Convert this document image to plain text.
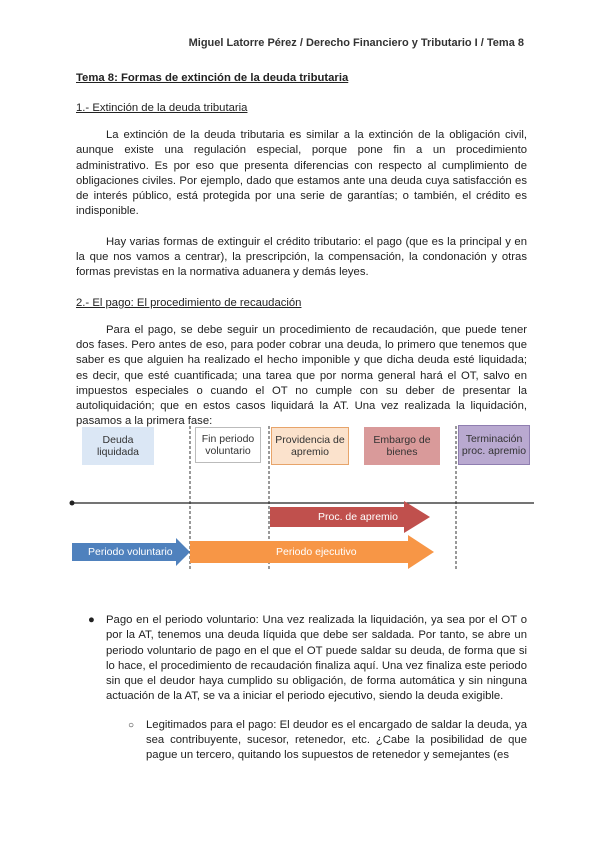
Miguel Latorre Pérez / Derecho Financiero y Tributario I / Tema 8

Tema 8: Formas de extinción de la deuda tributaria

1.- Extinción de la deuda tributaria

La extinción de la deuda tributaria es similar a la extinción de la obligación civil, aunque existe una regulación especial, porque pone fin a un procedimiento administrativo. Es por eso que presenta diferencias con respecto al cumplimiento de obligaciones civiles. Por ejemplo, dado que estamos ante una deuda cuya satisfacción es de interés público, está protegida por una serie de garantías; o también, el crédito es indisponible.

Hay varias formas de extinguir el crédito tributario: el pago (que es la principal y en la que nos vamos a centrar), la prescripción, la compensación, la condonación y otras formas previstas en la normativa aduanera y demás leyes.

2.- El pago: El procedimiento de recaudación

Para el pago, se debe seguir un procedimiento de recaudación, que puede tener dos fases. Pero antes de eso, para poder cobrar una deuda, lo primero que tenemos que saber es que alguien ha realizado el hecho imponible y que dicha deuda esté liquidada; es decir, que esté cuantificada; una tarea que por norma general hará el OT, salvo en impuestos especiales o cuando el OT no cumple con su deber de presentar la autoliquidación; que en estos casos liquidará la AT. Una vez realizada la liquidación, pasamos a la primera fase:

Deuda liquidada
Fin periodo voluntario
Providencia de apremio
Embargo de bienes
Terminación proc. apremio
Proc. de apremio
Periodo voluntario	Periodo ejecutivo

● Pago en el periodo voluntario: Una vez realizada la liquidación, ya sea por el OT o por la AT, tenemos una deuda líquida que debe ser saldada. Por tanto, se abre un periodo voluntario de pago en el que el OT puede saldar su deuda, de forma que si lo hace, el procedimiento de recaudación finaliza aquí. Una vez finaliza este periodo sin que el deudor haya cumplido su obligación, de forma automática y sin ninguna actuación de la AT, se va a iniciar el periodo ejecutivo, siendo la deuda exigible.

○ Legitimados para el pago: El deudor es el encargado de saldar la deuda, ya sea contribuyente, sucesor, retenedor, etc. ¿Cabe la posibilidad de que pague un tercero, quitando los supuestos de retenedor y semejantes (es
